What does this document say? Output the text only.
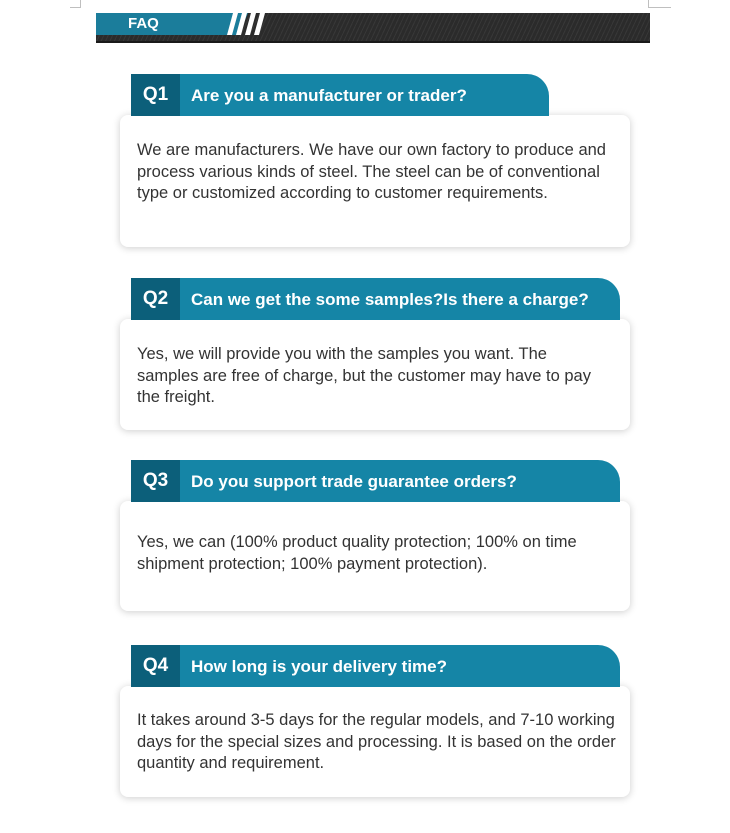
FAQ
Q1	Are you a manufacturer or trader?
We are manufacturers. We have our own factory to produce and process various kinds of steel. The steel can be of conventional type or customized according to customer requirements.
Q2	Can we get the some samples?Is there a charge?
Yes, we will provide you with the samples you want. The samples are free of charge, but the customer may have to pay the freight.
Q3	Do you support trade guarantee orders?
Yes, we can (100% product quality protection; 100% on time shipment protection; 100% payment protection).
Q4	How long is your delivery time?
It takes around 3-5 days for the regular models, and 7-10 working days for the special sizes and processing. It is based on the order quantity and requirement.
